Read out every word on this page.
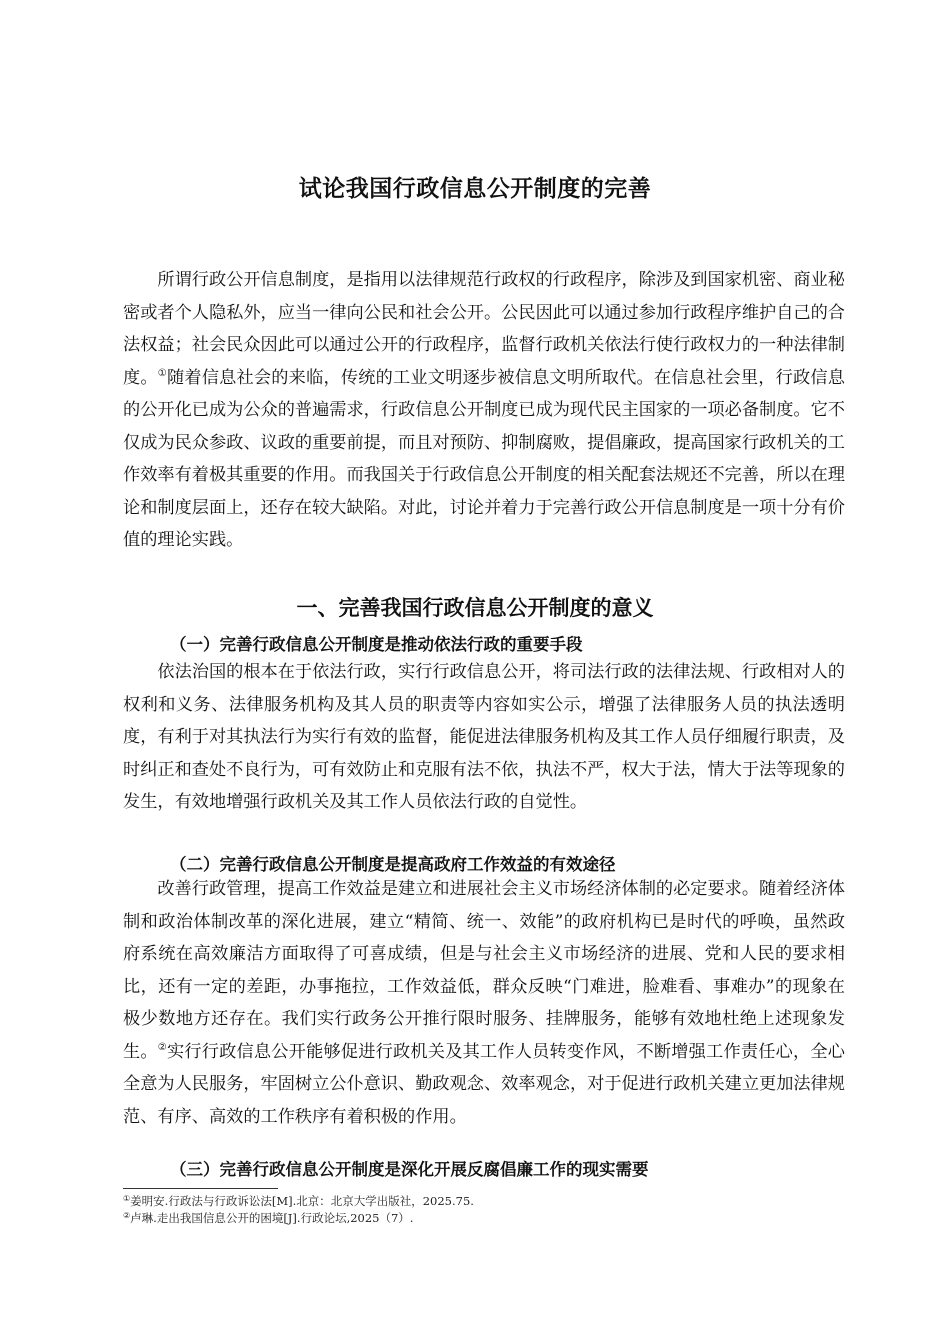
试论我国行政信息公开制度的完善

所谓行政公开信息制度，是指用以法律规范行政权的行政程序，除涉及到国家机密、商业秘密或者个人隐私外，应当一律向公民和社会公开。公民因此可以通过参加行政程序维护自己的合法权益；社会民众因此可以通过公开的行政程序，监督行政机关依法行使行政权力的一种法律制度。①随着信息社会的来临，传统的工业文明逐步被信息文明所取代。在信息社会里，行政信息的公开化已成为公众的普遍需求，行政信息公开制度已成为现代民主国家的一项必备制度。它不仅成为民众参政、议政的重要前提，而且对预防、抑制腐败，提倡廉政，提高国家行政机关的工作效率有着极其重要的作用。而我国关于行政信息公开制度的相关配套法规还不完善，所以在理论和制度层面上，还存在较大缺陷。对此，讨论并着力于完善行政公开信息制度是一项十分有价值的理论实践。

一、完善我国行政信息公开制度的意义
（一）完善行政信息公开制度是推动依法行政的重要手段

依法治国的根本在于依法行政，实行行政信息公开，将司法行政的法律法规、行政相对人的权利和义务、法律服务机构及其人员的职责等内容如实公示，增强了法律服务人员的执法透明度，有利于对其执法行为实行有效的监督，能促进法律服务机构及其工作人员仔细履行职责，及时纠正和查处不良行为，可有效防止和克服有法不依，执法不严，权大于法，情大于法等现象的发生，有效地增强行政机关及其工作人员依法行政的自觉性。

（二）完善行政信息公开制度是提高政府工作效益的有效途径

改善行政管理，提高工作效益是建立和进展社会主义市场经济体制的必定要求。随着经济体制和政治体制改革的深化进展，建立“精简、统一、效能”的政府机构已是时代的呼唤，虽然政府系统在高效廉洁方面取得了可喜成绩，但是与社会主义市场经济的进展、党和人民的要求相比，还有一定的差距，办事拖拉，工作效益低，群众反映“门难进，脸难看、事难办”的现象在极少数地方还存在。我们实行政务公开推行限时服务、挂牌服务，能够有效地杜绝上述现象发生。②实行行政信息公开能够促进行政机关及其工作人员转变作风，不断增强工作责任心，全心全意为人民服务，牢固树立公仆意识、勤政观念、效率观念，对于促进行政机关建立更加法律规范、有序、高效的工作秩序有着积极的作用。

（三）完善行政信息公开制度是深化开展反腐倡廉工作的现实需要
①姜明安.行政法与行政诉讼法[M].北京：北京大学出版社，2025.75.
②卢琳.走出我国信息公开的困境[J].行政论坛,2025（7）.
